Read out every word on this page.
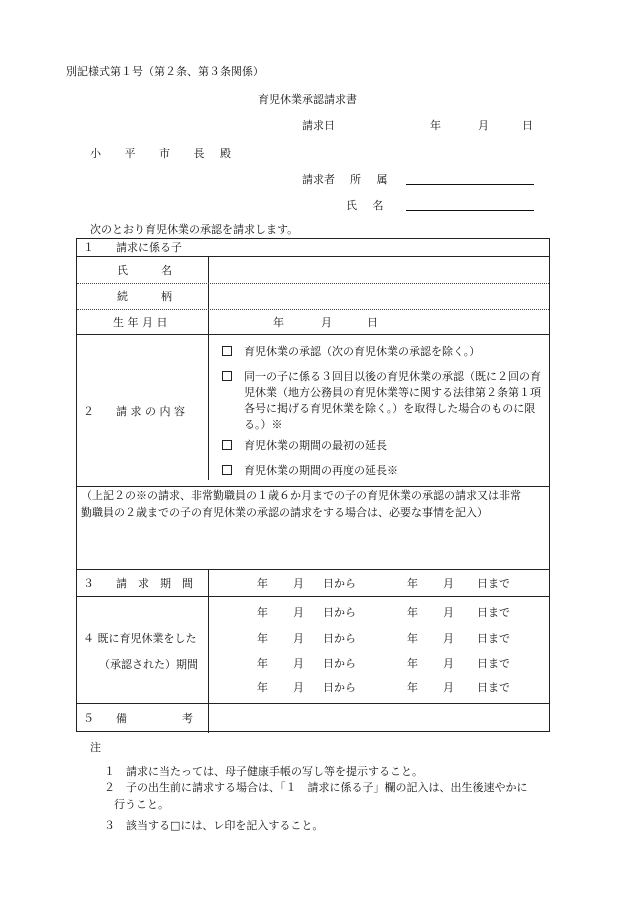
別記様式第１号（第２条、第３条関係）
育児休業承認請求書
請求日	年	月	日
小 平 市 長 殿
請求者 所 属
氏 名
次のとおり育児休業の承認を請求します。
１　　請求に係る子
氏　　　名
続　　　柄
生 年 月 日	年	月	日
２　　請 求 の 内 容
育児休業の承認（次の育児休業の承認を除く。）
同一の子に係る３回目以後の育児休業の承認（既に２回の育児休業（地方公務員の育児休業等に関する法律第２条第１項各号に掲げる育児休業を除く。）を取得した場合のものに限る。）※
育児休業の期間の最初の延長
育児休業の期間の再度の延長※
（上記２の※の請求、非常勤職員の１歳６か月までの子の育児休業の承認の請求又は非常
勤職員の２歳までの子の育児休業の承認の請求をする場合は、必要な事情を記入）
３　　請　求　期　間	年	月	日から	年	月	日まで
４ 既に育児休業をした
（承認された）期間
年	月	日から	年	月	日まで
年	月	日から	年	月	日まで
年	月	日から	年	月	日まで
年	月	日から	年	月	日まで
５　　備　　　　　考
注
１　請求に当たっては、母子健康手帳の写し等を提示すること。
２　子の出生前に請求する場合は、「１　請求に係る子」欄の記入は、出生後速やかに
行うこと。
３　該当する□には、レ印を記入すること。
